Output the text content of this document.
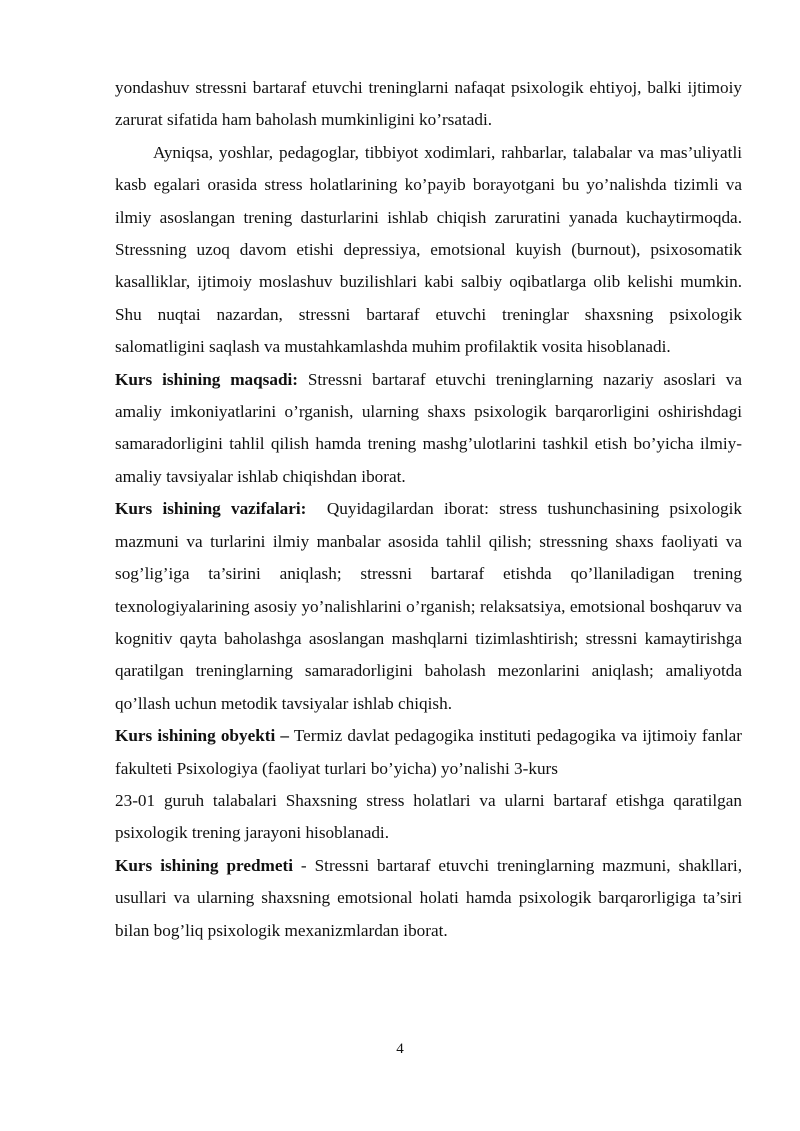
yondashuv stressni bartaraf etuvchi treninglarni nafaqat psixologik ehtiyoj, balki ijtimoiy zarurat sifatida ham baholash mumkinligini ko’rsatadi.

Ayniqsa, yoshlar, pedagoglar, tibbiyot xodimlari, rahbarlar, talabalar va mas’uliyatli kasb egalari orasida stress holatlarining ko’payib borayotgani bu yo’nalishda tizimli va ilmiy asoslangan trening dasturlarini ishlab chiqish zaruratini yanada kuchaytirmoqda. Stressning uzoq davom etishi depressiya, emotsional kuyish (burnout), psixosomatik kasalliklar, ijtimoiy moslashuv buzilishlari kabi salbiy oqibatlarga olib kelishi mumkin. Shu nuqtai nazardan, stressni bartaraf etuvchi treninglar shaxsning psixologik salomatligini saqlash va mustahkamlashda muhim profilaktik vosita hisoblanadi.

Kurs ishining maqsadi: Stressni bartaraf etuvchi treninglarning nazariy asoslari va amaliy imkoniyatlarini o’rganish, ularning shaxs psixologik barqarorligini oshirishdagi samaradorligini tahlil qilish hamda trening mashg’ulotlarini tashkil etish bo’yicha ilmiy-amaliy tavsiyalar ishlab chiqishdan iborat.

Kurs ishining vazifalari:  Quyidagilardan iborat: stress tushunchasining psixologik mazmuni va turlarini ilmiy manbalar asosida tahlil qilish; stressning shaxs faoliyati va sog’lig’iga ta’sirini aniqlash; stressni bartaraf etishda qo’llaniladigan trening texnologiyalarining asosiy yo’nalishlarini o’rganish; relaksatsiya, emotsional boshqaruv va kognitiv qayta baholashga asoslangan mashqlarni tizimlashtirish; stressni kamaytirishga qaratilgan treninglarning samaradorligini baholash mezonlarini aniqlash; amaliyotda qo’llash uchun metodik tavsiyalar ishlab chiqish.

Kurs ishining obyekti – Termiz davlat pedagogika instituti pedagogika va ijtimoiy fanlar fakulteti Psixologiya (faoliyat turlari bo’yicha) yo’nalishi 3-kurs

23-01 guruh talabalari Shaxsning stress holatlari va ularni bartaraf etishga qaratilgan psixologik trening jarayoni hisoblanadi.

Kurs ishining predmeti - Stressni bartaraf etuvchi treninglarning mazmuni, shakllari, usullari va ularning shaxsning emotsional holati hamda psixologik barqarorligiga ta’siri bilan bog’liq psixologik mexanizmlardan iborat.

4
